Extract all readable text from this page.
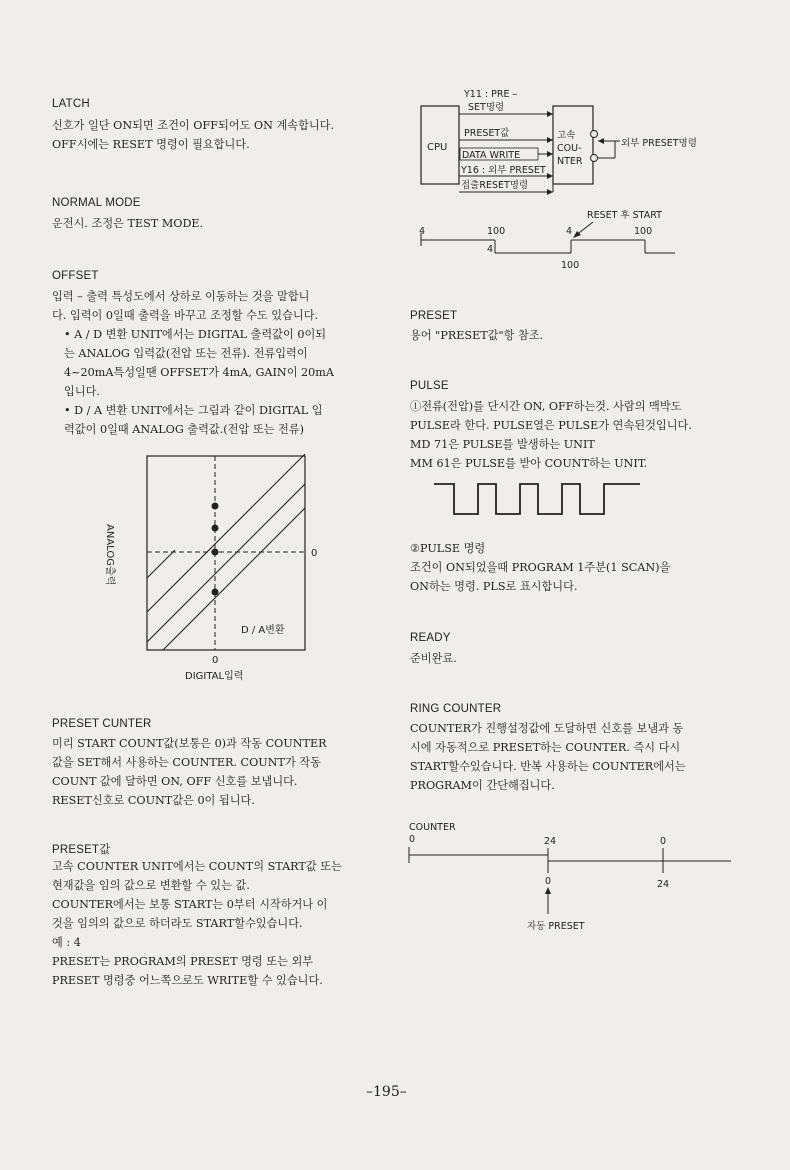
LATCH
신호가 일단 ON되면 조건이 OFF되어도 ON 계속합니다.
OFF시에는 RESET 명령이 필요합니다.
NORMAL MODE
운전시. 조정은 TEST MODE.
OFFSET
입력 – 출력 특성도에서 상하로 이동하는 것을 말합니
다. 입력이 0일때 출력을 바꾸고 조정할 수도 있습니다.
• A / D 변환 UNIT에서는 DIGITAL 출력값이 0이되
는 ANALOG 입력값(전압 또는 전류). 전류입력이
4~20mA특성일땐 OFFSET가 4mA, GAIN이 20mA
입니다.
• D / A 변환 UNIT에서는 그림과 같이 DIGITAL 입
력값이 0일때 ANALOG 출력값.(전압 또는 전류)
0
0
D / A변환
DIGITAL입력
ANALOG출력
PRESET CUNTER
미리 START COUNT값(보통은 0)과 작동 COUNTER
값을 SET해서 사용하는 COUNTER. COUNT가 작동
COUNT 값에 달하면 ON, OFF 신호를 보냅니다.
RESET신호로 COUNT값은 0이 됩니다.
PRESET값
고속 COUNTER UNIT에서는 COUNT의 START값 또는
현재값을 임의 값으로 변환할 수 있는 값.
COUNTER에서는 보통 START는 0부터 시작하거나 이
것을 임의의 값으로 하더라도 START할수있습니다.
예 : 4
PRESET는 PROGRAM의 PRESET 명령 또는 외부
PRESET 명령중 어느쪽으로도 WRITE할 수 있습니다.
CPU
고속
COU-
NTER
Y11 : PRE –
SET명령
PRESET값
DATA WRITE
Y16 : 외부 PRESET
접출RESET명령
외부 PRESET명령
RESET 후 START
4	100	4	100
4
100
PRESET
용어 "PRESET값"항 참조.
PULSE
①전류(전압)를 단시간 ON, OFF하는것. 사람의 맥박도
PULSE라 한다. PULSE열은 PULSE가 연속된것입니다.
MD 71은 PULSE를 발생하는 UNIT
MM 61은 PULSE를 받아 COUNT하는 UNIT.
②PULSE 명령
조건이 ON되었을때 PROGRAM 1주분(1 SCAN)을
ON하는 명령. PLS로 표시합니다.
READY
준비완료.
RING COUNTER
COUNTER가 진행설정값에 도달하면 신호를 보냄과 동
시에 자동적으로 PRESET하는 COUNTER. 즉시 다시
START할수있습니다. 반복 사용하는 COUNTER에서는
PROGRAM이 간단해집니다.
COUNTER
0	24	0
0	24
자동 PRESET
–195–
